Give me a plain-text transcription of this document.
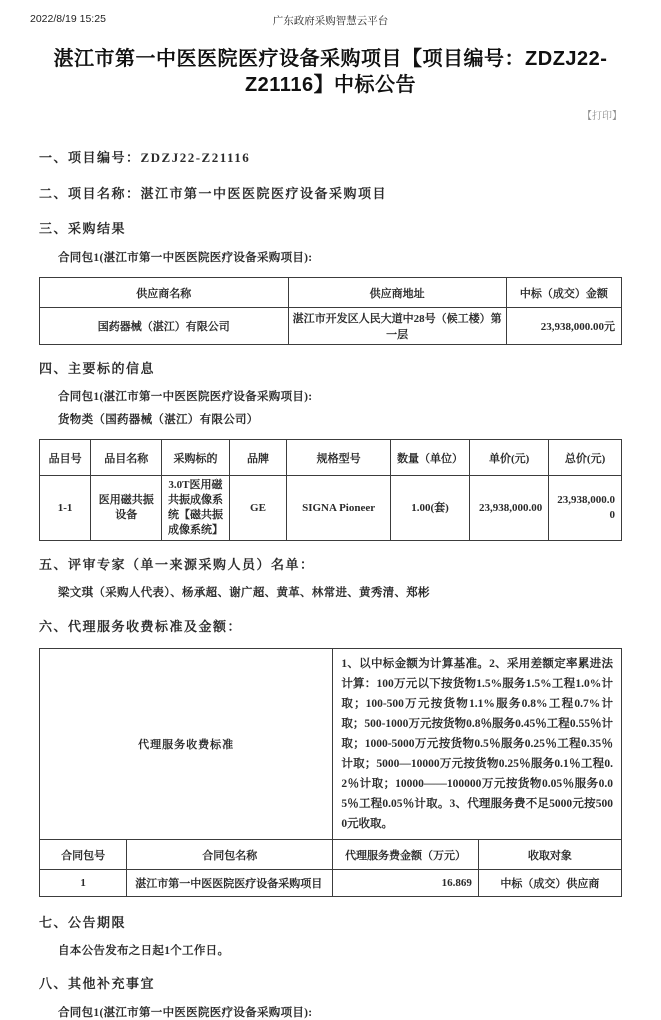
2022/8/19 15:25	广东政府采购智慧云平台
湛江市第一中医医院医疗设备采购项目【项目编号：ZDZJ22-Z21116】中标公告
【打印】
一、项目编号：ZDZJ22-Z21116
二、项目名称：湛江市第一中医医院医疗设备采购项目
三、采购结果
合同包1(湛江市第一中医医院医疗设备采购项目):
供应商名称	供应商地址	中标（成交）金额
国药器械（湛江）有限公司	湛江市开发区人民大道中28号（候工楼）第一层	23,938,000.00元
四、主要标的信息
合同包1(湛江市第一中医医院医疗设备采购项目):
货物类（国药器械（湛江）有限公司）
品目号	品目名称	采购标的	品牌	规格型号	数量（单位）	单价(元)	总价(元)
1-1	医用磁共振设备	3.0T医用磁共振成像系统【磁共振成像系统】	GE	SIGNA Pioneer	1.00(套)	23,938,000.00	23,938,000.00
五、评审专家（单一来源采购人员）名单：
梁文琪（采购人代表）、杨承超、谢广超、黄革、林常进、黄秀清、郑彬
六、代理服务收费标准及金额：
代理服务收费标准		1、以中标金额为计算基准。2、采用差额定率累进法计算：100万元以下按货物1.5%服务1.5%工程1.0%计取；100-500万元按货物1.1%服务0.8%工程0.7%计取；500-1000万元按货物0.8％服务0.45％工程0.55％计取；1000-5000万元按货物0.5％服务0.25％工程0.35％计取；5000—10000万元按货物0.25％服务0.1％工程0.2％计取；10000——100000万元按货物0.05％服务0.05％工程0.05％计取。3、代理服务费不足5000元按5000元收取。	
合同包号	合同包名称	代理服务费金额（万元）	收取对象
1	湛江市第一中医医院医疗设备采购项目	16.869	中标（成交）供应商
七、公告期限
自本公告发布之日起1个工作日。
八、其他补充事宜
合同包1(湛江市第一中医医院医疗设备采购项目):
